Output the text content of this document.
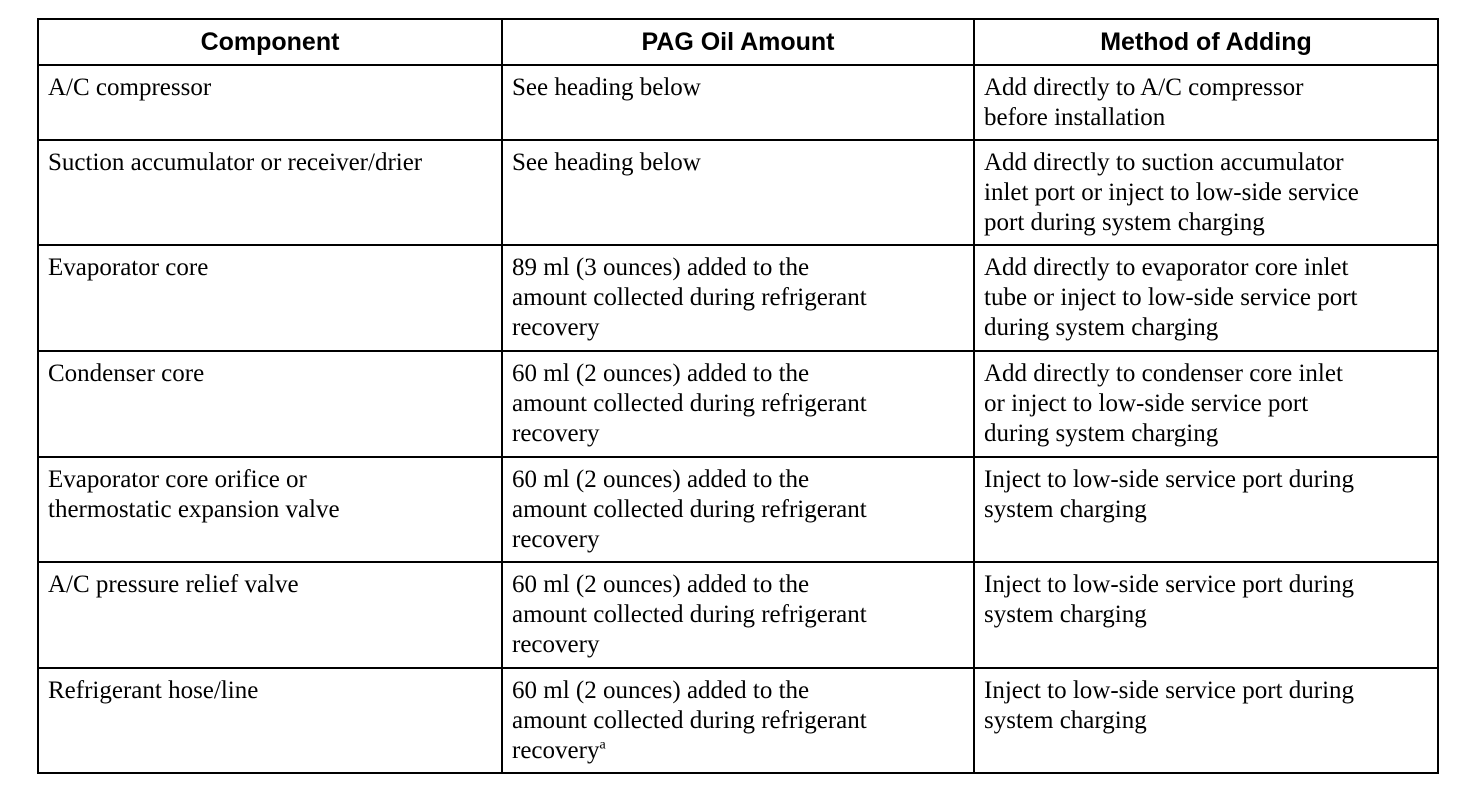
Component	PAG Oil Amount	Method of Adding
A/C compressor	See heading below	Add directly to A/C compressor
before installation
Suction accumulator or receiver/drier	See heading below	Add directly to suction accumulator
inlet port or inject to low-side service
port during system charging
Evaporator core	89 ml (3 ounces) added to the
amount collected during refrigerant
recovery	Add directly to evaporator core inlet
tube or inject to low-side service port
during system charging
Condenser core	60 ml (2 ounces) added to the
amount collected during refrigerant
recovery	Add directly to condenser core inlet
or inject to low-side service port
during system charging
Evaporator core orifice or
thermostatic expansion valve	60 ml (2 ounces) added to the
amount collected during refrigerant
recovery	Inject to low-side service port during
system charging
A/C pressure relief valve	60 ml (2 ounces) added to the
amount collected during refrigerant
recovery	Inject to low-side service port during
system charging
Refrigerant hose/line	60 ml (2 ounces) added to the
amount collected during refrigerant
recovery$^a$	Inject to low-side service port during
system charging
